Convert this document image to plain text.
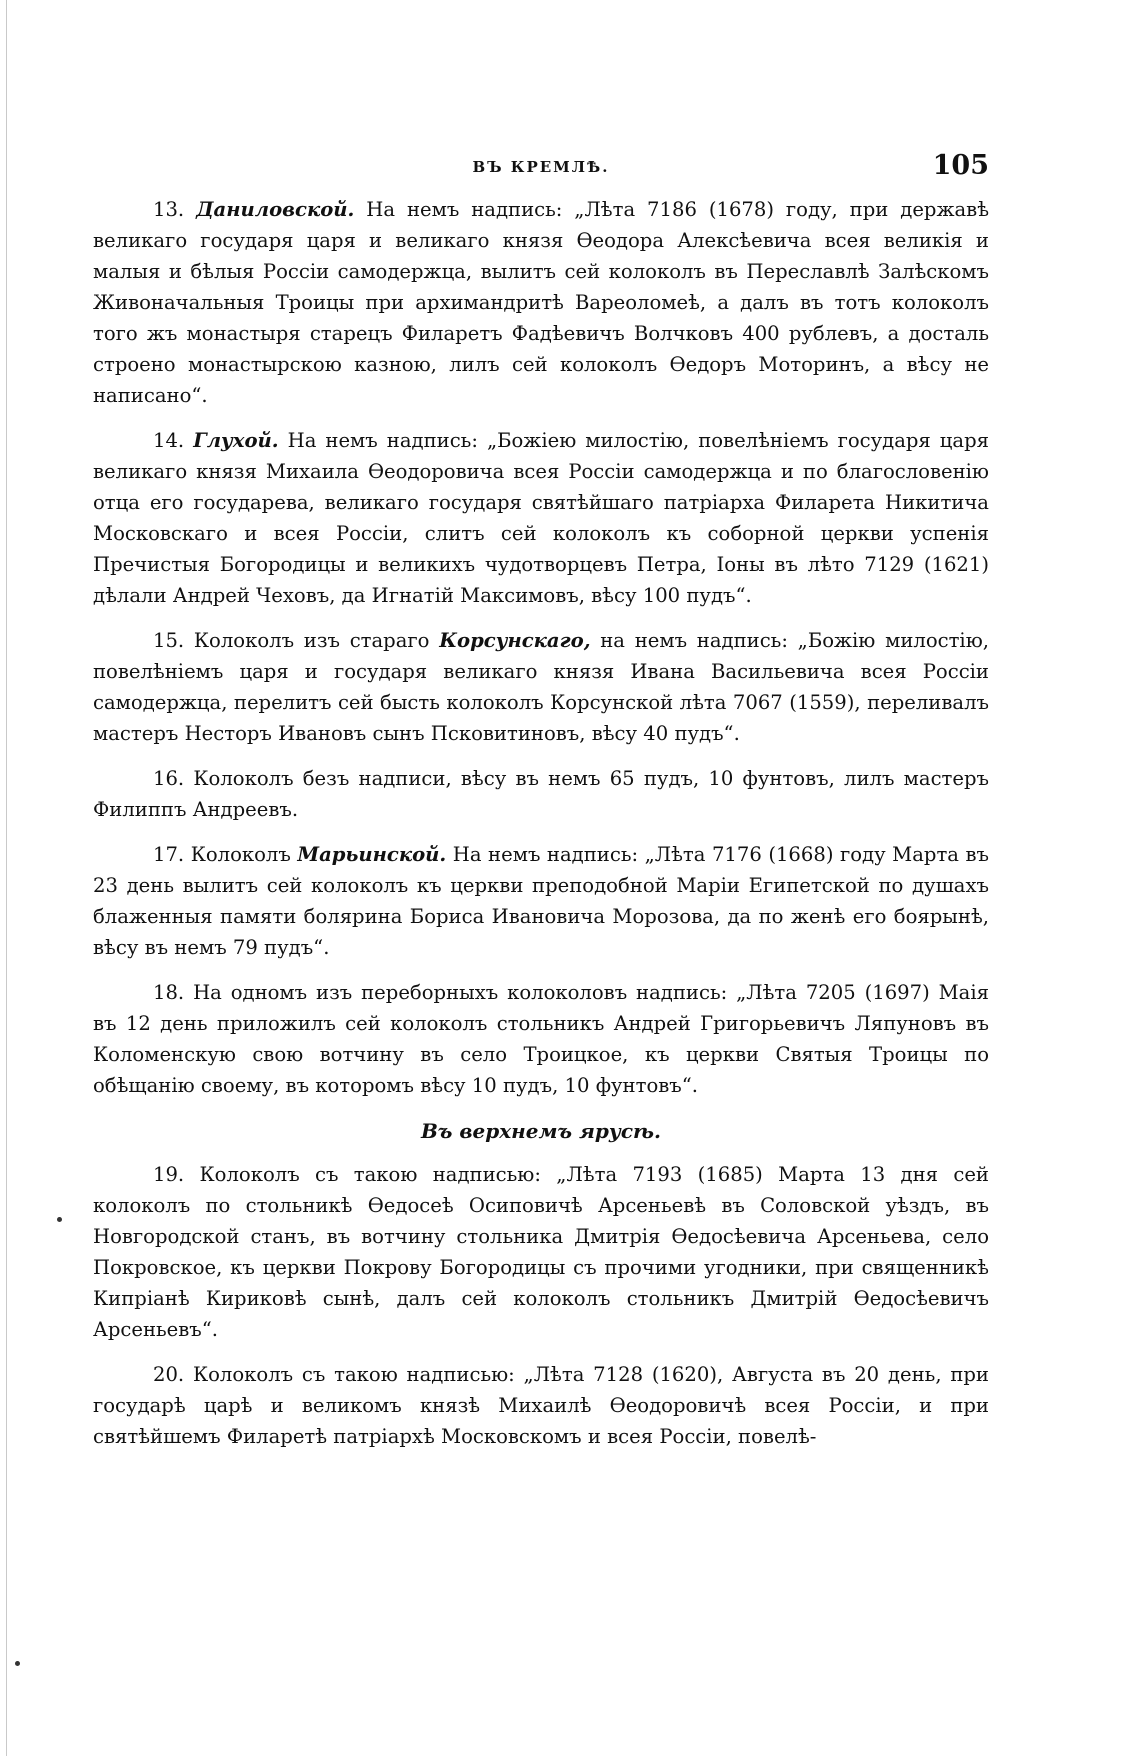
ВЪ КРЕМЛѢ.	105

13. Даниловской. На немъ надпись: „Лѣта 7186 (1678) году, при державѣ великаго государя царя и великаго князя Ѳеодора Алексѣевича всея великія и малыя и бѣлыя Россіи самодержца, вылитъ сей колоколъ въ Переславлѣ Залѣскомъ Живоначальныя Троицы при архимандритѣ Вареоломеѣ, а далъ въ тотъ колоколъ того жъ монастыря старецъ Филаретъ Фадѣевичъ Волчковъ 400 рублевъ, а досталь строено монастырскою казною, лилъ сей колоколъ Ѳедоръ Моторинъ, а вѣсу не написано“.

14. Глухой. На немъ надпись: „Божіею милостію, повелѣніемъ государя царя великаго князя Михаила Ѳеодоровича всея Россіи самодержца и по благословенію отца его государева, великаго государя святѣйшаго патріарха Филарета Никитича Московскаго и всея Россіи, слитъ сей колоколъ къ соборной церкви успенія Пречистыя Богородицы и великихъ чудотворцевъ Петра, Іоны въ лѣто 7129 (1621) дѣлали Андрей Чеховъ, да Игнатій Максимовъ, вѣсу 100 пудъ“.

15. Колоколъ изъ стараго Корсунскаго, на немъ надпись: „Божію милостію, повелѣніемъ царя и государя великаго князя Ивана Васильевича всея Россіи самодержца, перелитъ сей бысть колоколъ Корсунской лѣта 7067 (1559), переливалъ мастеръ Несторъ Ивановъ сынъ Псковитиновъ, вѣсу 40 пудъ“.

16. Колоколъ безъ надписи, вѣсу въ немъ 65 пудъ, 10 фунтовъ, лилъ мастеръ Филиппъ Андреевъ.

17. Колоколъ Марьинской. На немъ надпись: „Лѣта 7176 (1668) году Марта въ 23 день вылитъ сей колоколъ къ церкви преподобной Маріи Египетской по душахъ блаженныя памяти болярина Бориса Ивановича Морозова, да по женѣ его боярынѣ, вѣсу въ немъ 79 пудъ“.

18. На одномъ изъ переборныхъ колоколовъ надпись: „Лѣта 7205 (1697) Маія въ 12 день приложилъ сей колоколъ стольникъ Андрей Григорьевичъ Ляпуновъ въ Коломенскую свою вотчину въ село Троицкое, къ церкви Святыя Троицы по обѣщанію своему, въ которомъ вѣсу 10 пудъ, 10 фунтовъ“.

Въ верхнемъ ярусѣ.

19. Колоколъ съ такою надписью: „Лѣта 7193 (1685) Марта 13 дня сей колоколъ по стольникѣ Ѳедосеѣ Осиповичѣ Арсеньевѣ въ Соловской уѣздъ, въ Новгородской станъ, въ вотчину стольника Дмитрія Ѳедосѣевича Арсеньева, село Покровское, къ церкви Покрову Богородицы съ прочими угодники, при священникѣ Кипріанѣ Кириковѣ сынѣ, далъ сей колоколъ стольникъ Дмитрій Ѳедосѣевичъ Арсеньевъ“.

20. Колоколъ съ такою надписью: „Лѣта 7128 (1620), Августа въ 20 день, при государѣ царѣ и великомъ князѣ Михаилѣ Ѳеодоровичѣ всея Россіи, и при святѣйшемъ Филаретѣ патріархѣ Московскомъ и всея Россіи, повелѣ-
